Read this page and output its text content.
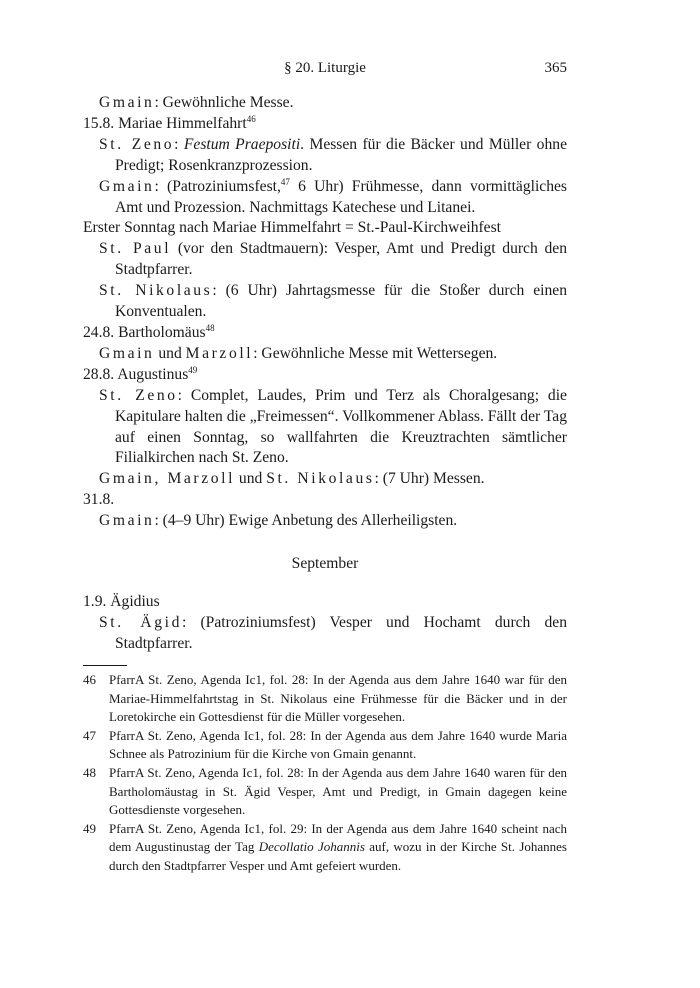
§ 20. Liturgie	365

Gmain: Gewöhnliche Messe.

15.8. Mariae Himmelfahrt$^{46}$

St. Zeno: Festum Praepositi. Messen für die Bäcker und Müller ohne Predigt; Rosenkranzprozession.

Gmain: (Patroziniumsfest,$^{47}$ 6 Uhr) Frühmesse, dann vormittägliches Amt und Prozession. Nachmittags Katechese und Litanei.

Erster Sonntag nach Mariae Himmelfahrt = St.-Paul-Kirchweihfest

St. Paul (vor den Stadtmauern): Vesper, Amt und Predigt durch den Stadtpfarrer.

St. Nikolaus: (6 Uhr) Jahrtagsmesse für die Stoßer durch einen Konventualen.

24.8. Bartholomäus$^{48}$

Gmain und Marzoll: Gewöhnliche Messe mit Wettersegen.

28.8. Augustinus$^{49}$

St. Zeno: Complet, Laudes, Prim und Terz als Choralgesang; die Kapitulare halten die „Freimessen“. Vollkommener Ablass. Fällt der Tag auf einen Sonntag, so wallfahrten die Kreuztrachten sämtlicher Filialkirchen nach St. Zeno.

Gmain, Marzoll und St. Nikolaus: (7 Uhr) Messen.

31.8.

Gmain: (4–9 Uhr) Ewige Anbetung des Allerheiligsten.

September

1.9. Ägidius

St. Ägid: (Patroziniumsfest) Vesper und Hochamt durch den Stadtpfarrer.

46 PfarrA St. Zeno, Agenda Ic1, fol. 28: In der Agenda aus dem Jahre 1640 war für den Mariae-Himmelfahrtstag in St. Nikolaus eine Frühmesse für die Bäcker und in der Loretokirche ein Gottesdienst für die Müller vorgesehen.

47 PfarrA St. Zeno, Agenda Ic1, fol. 28: In der Agenda aus dem Jahre 1640 wurde Maria Schnee als Patrozinium für die Kirche von Gmain genannt.

48 PfarrA St. Zeno, Agenda Ic1, fol. 28: In der Agenda aus dem Jahre 1640 waren für den Bartholomäustag in St. Ägid Vesper, Amt und Predigt, in Gmain dagegen keine Gottesdienste vorgesehen.

49 PfarrA St. Zeno, Agenda Ic1, fol. 29: In der Agenda aus dem Jahre 1640 scheint nach dem Augustinustag der Tag Decollatio Johannis auf, wozu in der Kirche St. Johannes durch den Stadtpfarrer Vesper und Amt gefeiert wurden.
